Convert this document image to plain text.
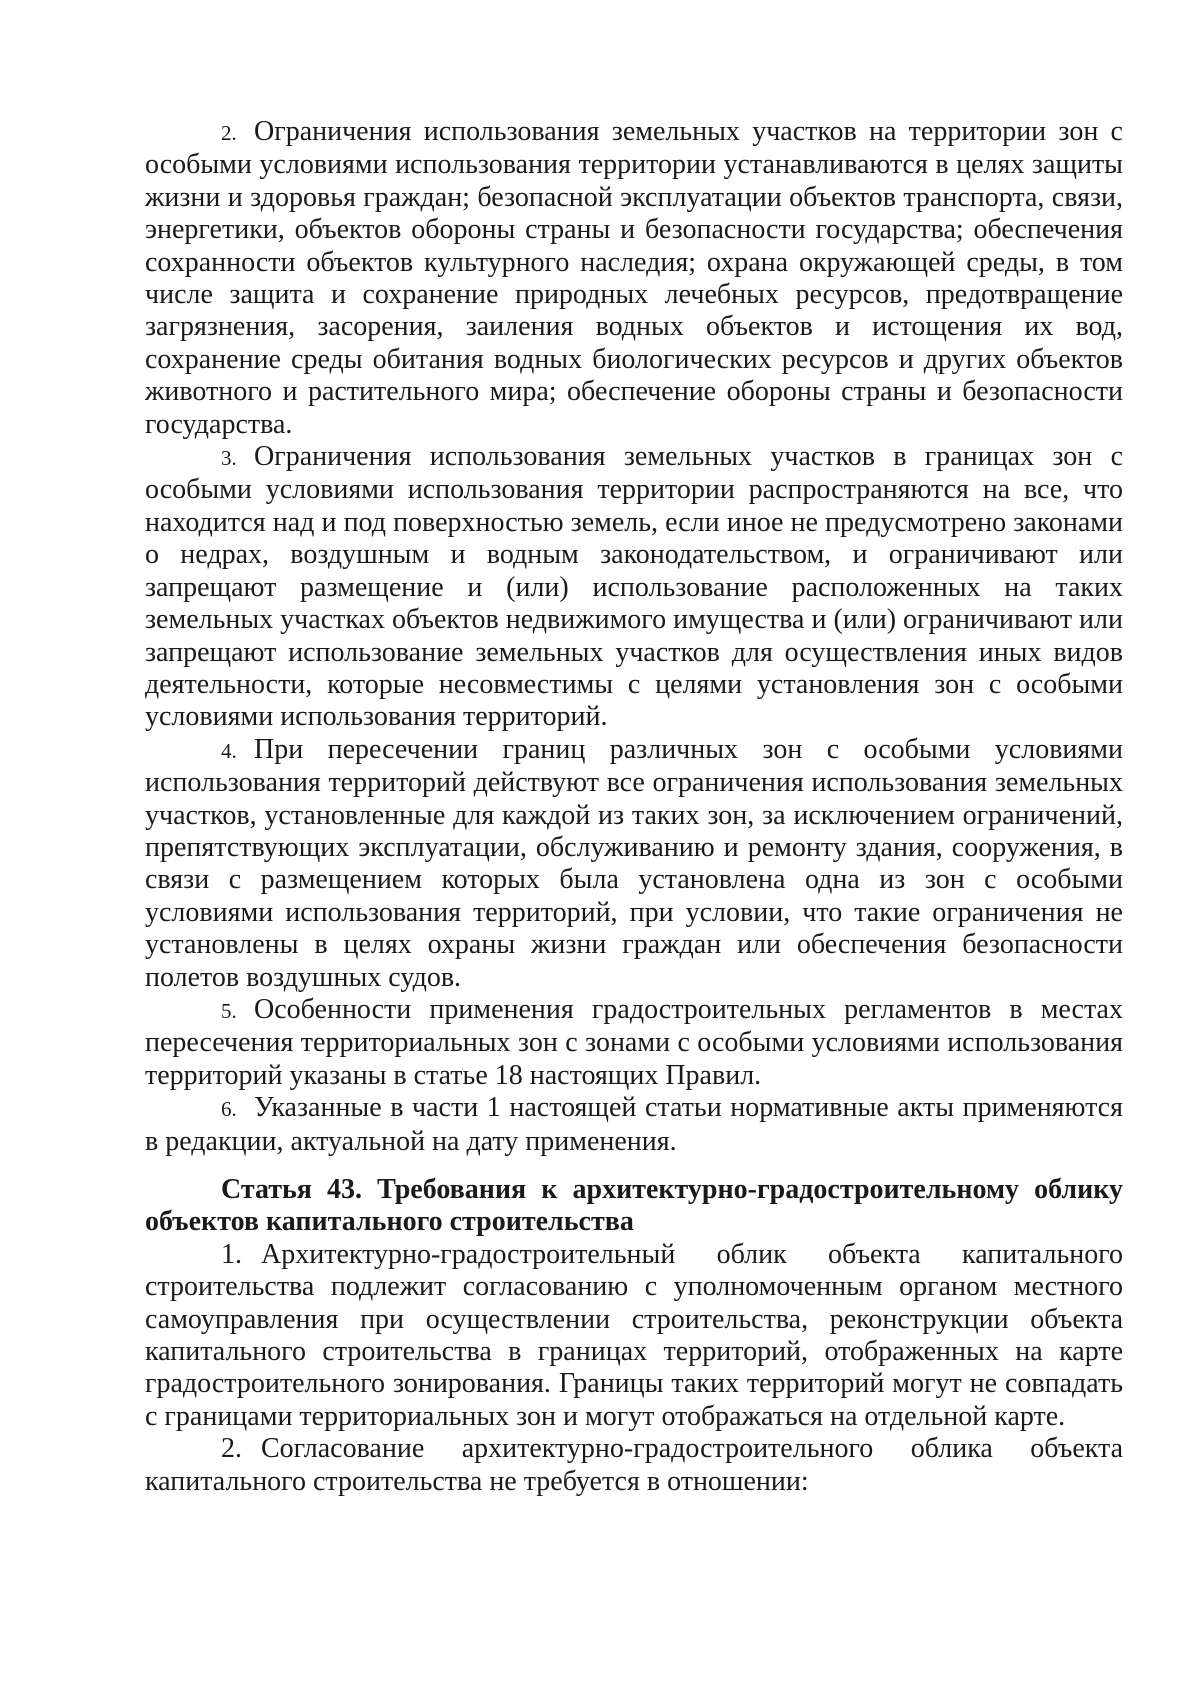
2. Ограничения использования земельных участков на территории зон с особыми условиями использования территории устанавливаются в целях защиты жизни и здоровья граждан; безопасной эксплуатации объектов транспорта, связи, энергетики, объектов обороны страны и безопасности государства; обеспечения сохранности объектов культурного наследия; охрана окружающей среды, в том числе защита и сохранение природных лечебных ресурсов, предотвращение загрязнения, засорения, заиления водных объектов и истощения их вод, сохранение среды обитания водных биологических ресурсов и других объектов животного и растительного мира; обеспечение обороны страны и безопасности государства.

3. Ограничения использования земельных участков в границах зон с особыми условиями использования территории распространяются на все, что находится над и под поверхностью земель, если иное не предусмотрено законами о недрах, воздушным и водным законодательством, и ограничивают или запрещают размещение и (или) использование расположенных на таких земельных участках объектов недвижимого имущества и (или) ограничивают или запрещают использование земельных участков для осуществления иных видов деятельности, которые несовместимы с целями установления зон с особыми условиями использования территорий.

4. При пересечении границ различных зон с особыми условиями использования территорий действуют все ограничения использования земельных участков, установленные для каждой из таких зон, за исключением ограничений, препятствующих эксплуатации, обслуживанию и ремонту здания, сооружения, в связи с размещением которых была установлена одна из зон с особыми условиями использования территорий, при условии, что такие ограничения не установлены в целях охраны жизни граждан или обеспечения безопасности полетов воздушных судов.

5. Особенности применения градостроительных регламентов в местах пересечения территориальных зон с зонами с особыми условиями использования территорий указаны в статье 18 настоящих Правил.

6. Указанные в части 1 настоящей статьи нормативные акты применяются в редакции, актуальной на дату применения.

Статья 43. Требования к архитектурно-градостроительному облику объектов капитального строительства

1. Архитектурно-градостроительный облик объекта капитального строительства подлежит согласованию с уполномоченным органом местного самоуправления при осуществлении строительства, реконструкции объекта капитального строительства в границах территорий, отображенных на карте градостроительного зонирования. Границы таких территорий могут не совпадать с границами территориальных зон и могут отображаться на отдельной карте.

2. Согласование архитектурно-градостроительного облика объекта капитального строительства не требуется в отношении:
